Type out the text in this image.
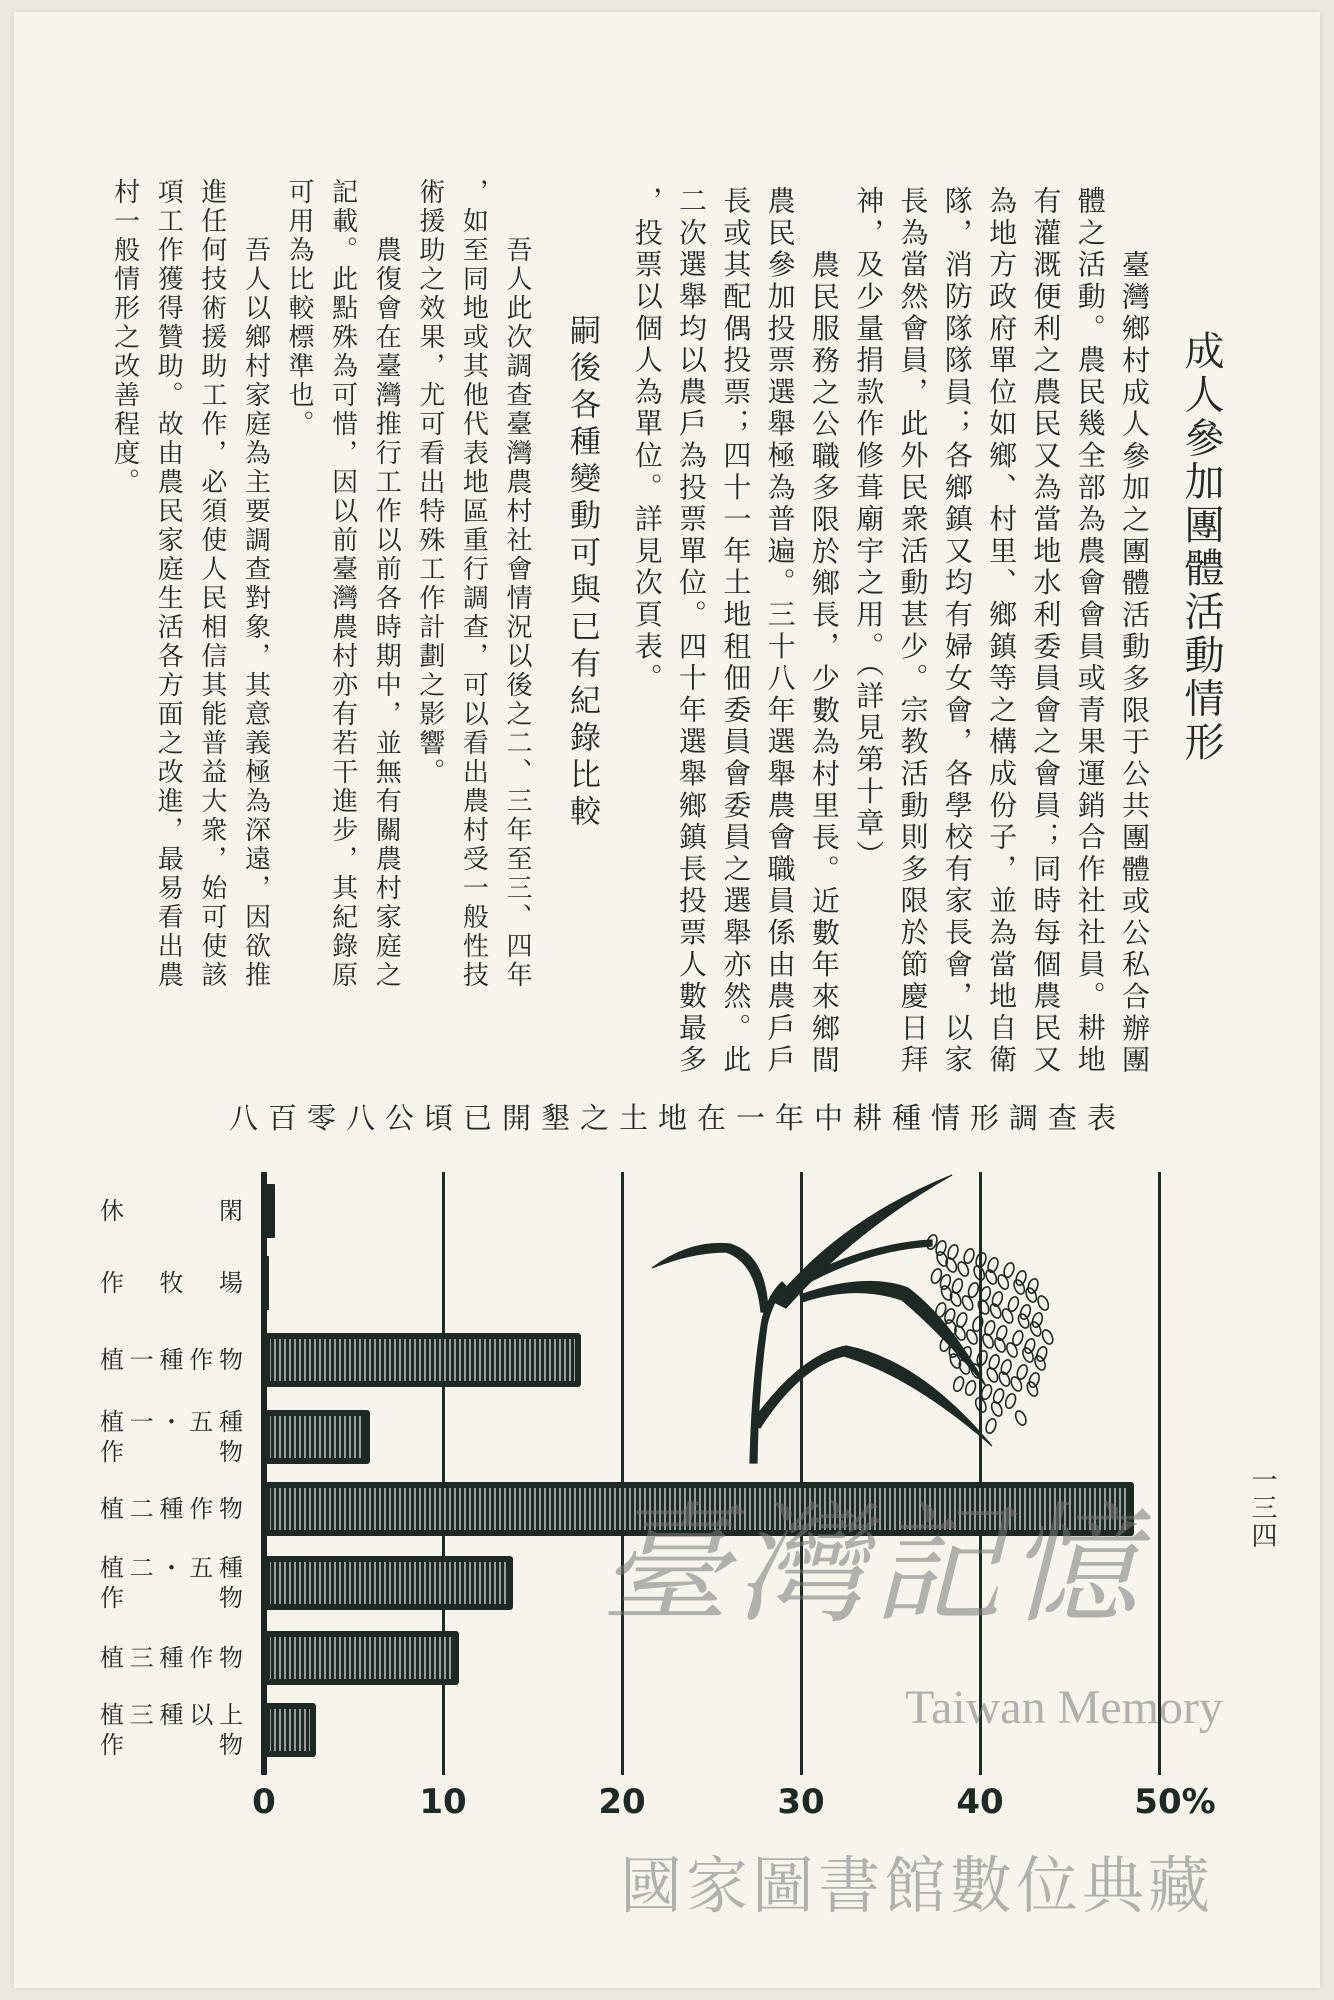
成人參加團體活動情形
臺灣鄉村成人參加之團體活動多限于公共團體或公私合辦團
體之活動。農民幾全部為農會會員或青果運銷合作社社員。耕地
有灌溉便利之農民又為當地水利委員會之會員；同時每個農民又
為地方政府單位如鄉、村里、鄉鎮等之構成份子，並為當地自衛
隊，消防隊隊員；各鄉鎮又均有婦女會，各學校有家長會，以家
長為當然會員，此外民衆活動甚少。宗教活動則多限於節慶日拜
神，及少量捐款作修葺廟宇之用。（詳見第十章）
農民服務之公職多限於鄉長，少數為村里長。近數年來鄉間
農民參加投票選舉極為普遍。三十八年選舉農會職員係由農戶戶
長或其配偶投票；四十一年土地租佃委員會委員之選舉亦然。此
二次選舉均以農戶為投票單位。四十年選舉鄉鎮長投票人數最多
，投票以個人為單位。詳見次頁表。
嗣後各種變動可與已有紀錄比較
吾人此次調查臺灣農村社會情況以後之二、三年至三、四年
，如至同地或其他代表地區重行調查，可以看出農村受一般性技
術援助之效果，尤可看出特殊工作計劃之影響。
農復會在臺灣推行工作以前各時期中，並無有關農村家庭之
記載。此點殊為可惜，因以前臺灣農村亦有若干進步，其紀錄原
可用為比較標準也。
吾人以鄉村家庭為主要調查對象，其意義極為深遠，因欲推
進任何技術援助工作，必須使人民相信其能普益大衆，始可使該
項工作獲得贊助。故由農民家庭生活各方面之改進，最易看出農
村一般情形之改善程度。
八百零八公頃已開墾之土地在一年中耕種情形調查表
0	10	20	30	40	50%
休閑
作牧場
植一種作物
植一・五種
作物
植二種作物
植二・五種
作物
植三種作物
植三種以上
作物
一三四
臺灣記憶
Taiwan Memory
國家圖書館數位典藏
